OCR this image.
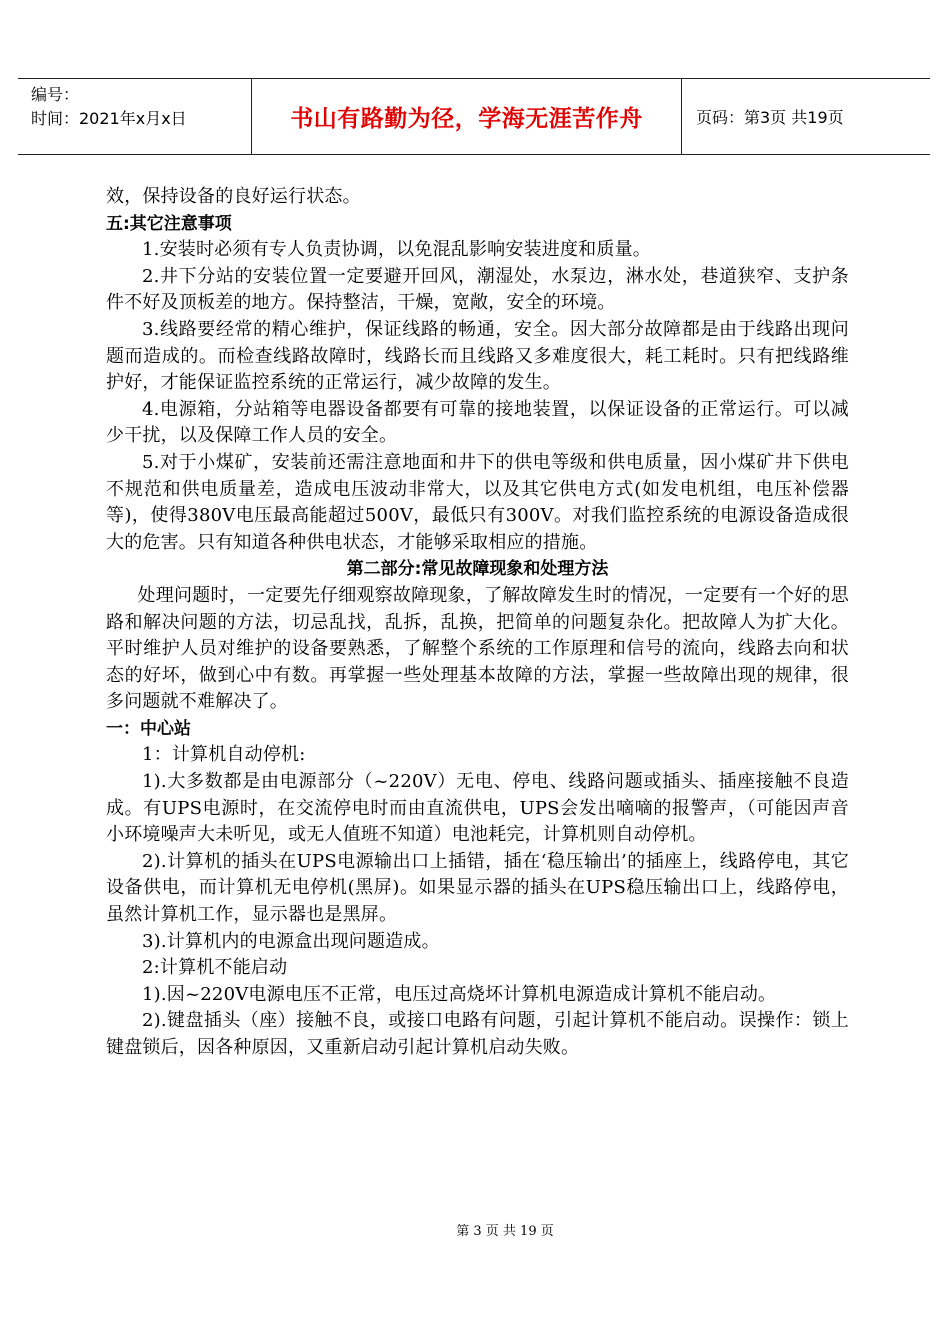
编号：
时间：2021年x月x日	书山有路勤为径，学海无涯苦作舟	页码：第3页 共19页

效，保持设备的良好运行状态。

五:其它注意事项

1.安装时必须有专人负责协调，以免混乱影响安装进度和质量。

2.井下分站的安装位置一定要避开回风，潮湿处，水泵边，淋水处，巷道狭窄、支护条件不好及顶板差的地方。保持整洁，干燥，宽敞，安全的环境。

3.线路要经常的精心维护，保证线路的畅通，安全。因大部分故障都是由于线路出现问题而造成的。而检查线路故障时，线路长而且线路又多难度很大，耗工耗时。只有把线路维护好，才能保证监控系统的正常运行，减少故障的发生。

4.电源箱，分站箱等电器设备都要有可靠的接地装置，以保证设备的正常运行。可以减少干扰，以及保障工作人员的安全。

5.对于小煤矿，安装前还需注意地面和井下的供电等级和供电质量，因小煤矿井下供电不规范和供电质量差，造成电压波动非常大，以及其它供电方式(如发电机组，电压补偿器等)，使得380V电压最高能超过500V，最低只有300V。对我们监控系统的电源设备造成很大的危害。只有知道各种供电状态，才能够采取相应的措施。

第二部分:常见故障现象和处理方法

处理问题时，一定要先仔细观察故障现象，了解故障发生时的情况，一定要有一个好的思路和解决问题的方法，切忌乱找，乱拆，乱换，把简单的问题复杂化。把故障人为扩大化。平时维护人员对维护的设备要熟悉，了解整个系统的工作原理和信号的流向，线路去向和状态的好坏，做到心中有数。再掌握一些处理基本故障的方法，掌握一些故障出现的规律，很多问题就不难解决了。

一：中心站

1：计算机自动停机:

1).大多数都是由电源部分（~220V）无电、停电、线路问题或插头、插座接触不良造成。有UPS电源时，在交流停电时而由直流供电，UPS会发出嘀嘀的报警声，（可能因声音小环境噪声大未听见，或无人值班不知道）电池耗完，计算机则自动停机。

2).计算机的插头在UPS电源输出口上插错，插在‘稳压输出’的插座上，线路停电，其它设备供电，而计算机无电停机(黑屏)。如果显示器的插头在UPS稳压输出口上，线路停电，虽然计算机工作，显示器也是黑屏。

3).计算机内的电源盒出现问题造成。

2:计算机不能启动

1).因~220V电源电压不正常，电压过高烧坏计算机电源造成计算机不能启动。

2).键盘插头（座）接触不良，或接口电路有问题，引起计算机不能启动。误操作：锁上键盘锁后，因各种原因，又重新启动引起计算机启动失败。

第 3 页 共 19 页
